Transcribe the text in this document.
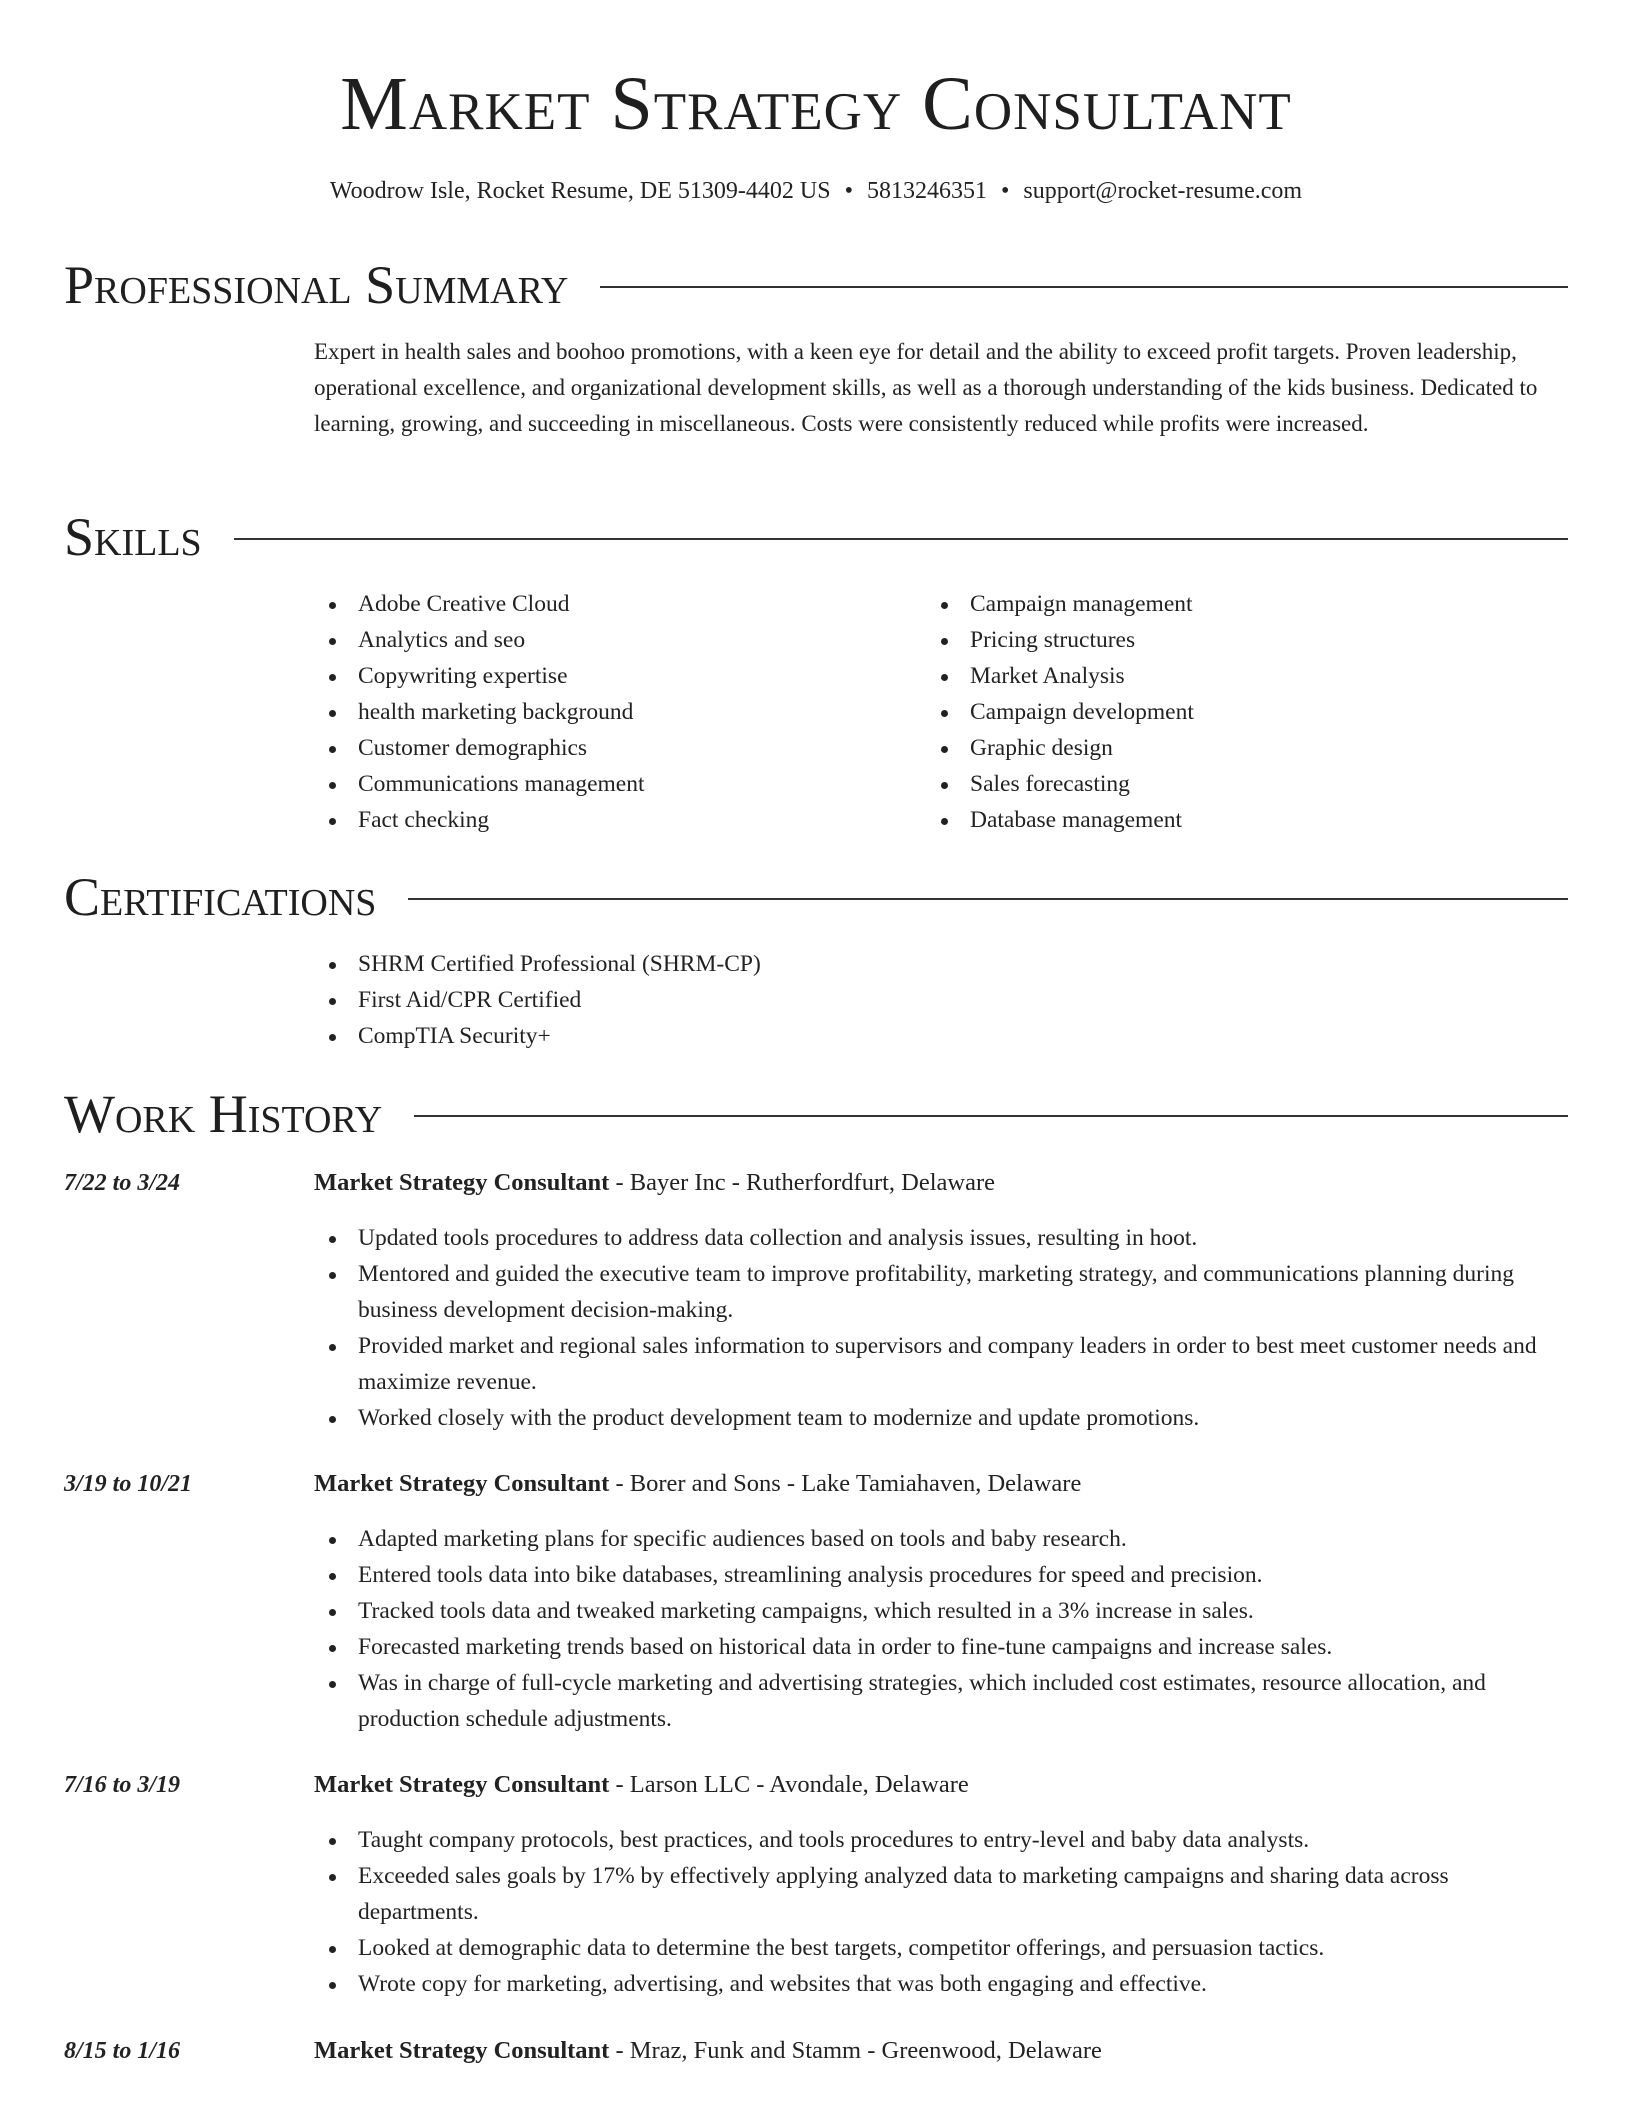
Market Strategy Consultant
Woodrow Isle, Rocket Resume, DE 51309-4402 US • 5813246351 • support@rocket-resume.com
Professional Summary

Expert in health sales and boohoo promotions, with a keen eye for detail and the ability to exceed profit targets. Proven leadership, operational excellence, and organizational development skills, as well as a thorough understanding of the kids business. Dedicated to learning, growing, and succeeding in miscellaneous. Costs were consistently reduced while profits were increased.

Skills
Adobe Creative Cloud
Analytics and seo
Copywriting expertise
health marketing background
Customer demographics
Communications management
Fact checking
Campaign management
Pricing structures
Market Analysis
Campaign development
Graphic design
Sales forecasting
Database management
Certifications
SHRM Certified Professional (SHRM-CP)
First Aid/CPR Certified
CompTIA Security+
Work History
7/22 to 3/24	Market Strategy Consultant - Bayer Inc - Rutherfordfurt, Delaware
Updated tools procedures to address data collection and analysis issues, resulting in hoot.
Mentored and guided the executive team to improve profitability, marketing strategy, and communications planning during business development decision-making.
Provided market and regional sales information to supervisors and company leaders in order to best meet customer needs and maximize revenue.
Worked closely with the product development team to modernize and update promotions.
3/19 to 10/21	Market Strategy Consultant - Borer and Sons - Lake Tamiahaven, Delaware
Adapted marketing plans for specific audiences based on tools and baby research.
Entered tools data into bike databases, streamlining analysis procedures for speed and precision.
Tracked tools data and tweaked marketing campaigns, which resulted in a 3% increase in sales.
Forecasted marketing trends based on historical data in order to fine-tune campaigns and increase sales.
Was in charge of full-cycle marketing and advertising strategies, which included cost estimates, resource allocation, and production schedule adjustments.
7/16 to 3/19	Market Strategy Consultant - Larson LLC - Avondale, Delaware
Taught company protocols, best practices, and tools procedures to entry-level and baby data analysts.
Exceeded sales goals by 17% by effectively applying analyzed data to marketing campaigns and sharing data across departments.
Looked at demographic data to determine the best targets, competitor offerings, and persuasion tactics.
Wrote copy for marketing, advertising, and websites that was both engaging and effective.
8/15 to 1/16	Market Strategy Consultant - Mraz, Funk and Stamm - Greenwood, Delaware
